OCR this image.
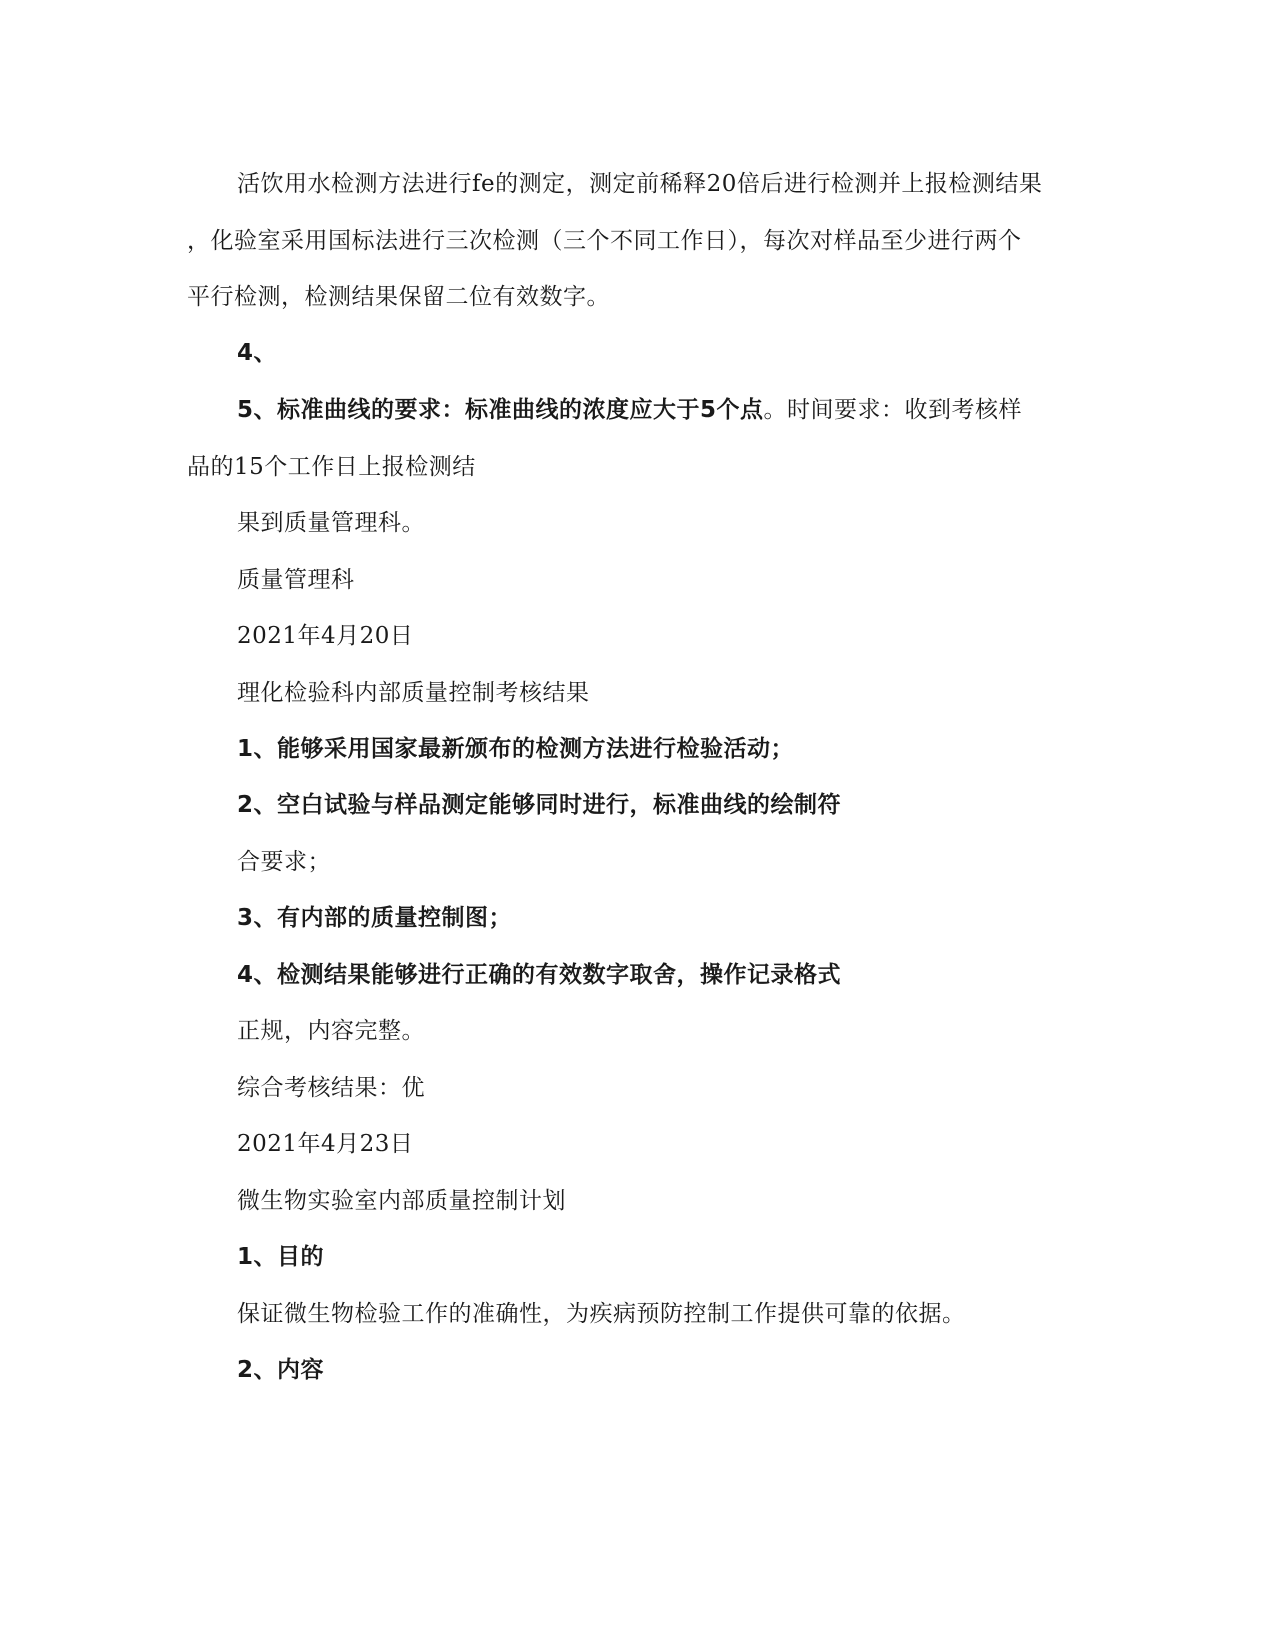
活饮用水检测方法进行fe的测定，测定前稀释20倍后进行检测并上报检测结果
，化验室采用国标法进行三次检测（三个不同工作日），每次对样品至少进行两个
平行检测，检测结果保留二位有效数字。
4、
5、标准曲线的要求：标准曲线的浓度应大于5个点。时间要求：收到考核样
品的15个工作日上报检测结
果到质量管理科。
质量管理科
2021年4月20日
理化检验科内部质量控制考核结果
1、能够采用国家最新颁布的检测方法进行检验活动；
2、空白试验与样品测定能够同时进行，标准曲线的绘制符
合要求；
3、有内部的质量控制图；
4、检测结果能够进行正确的有效数字取舍，操作记录格式
正规，内容完整。
综合考核结果：优
2021年4月23日
微生物实验室内部质量控制计划
1、目的
保证微生物检验工作的准确性，为疾病预防控制工作提供可靠的依据。
2、内容
